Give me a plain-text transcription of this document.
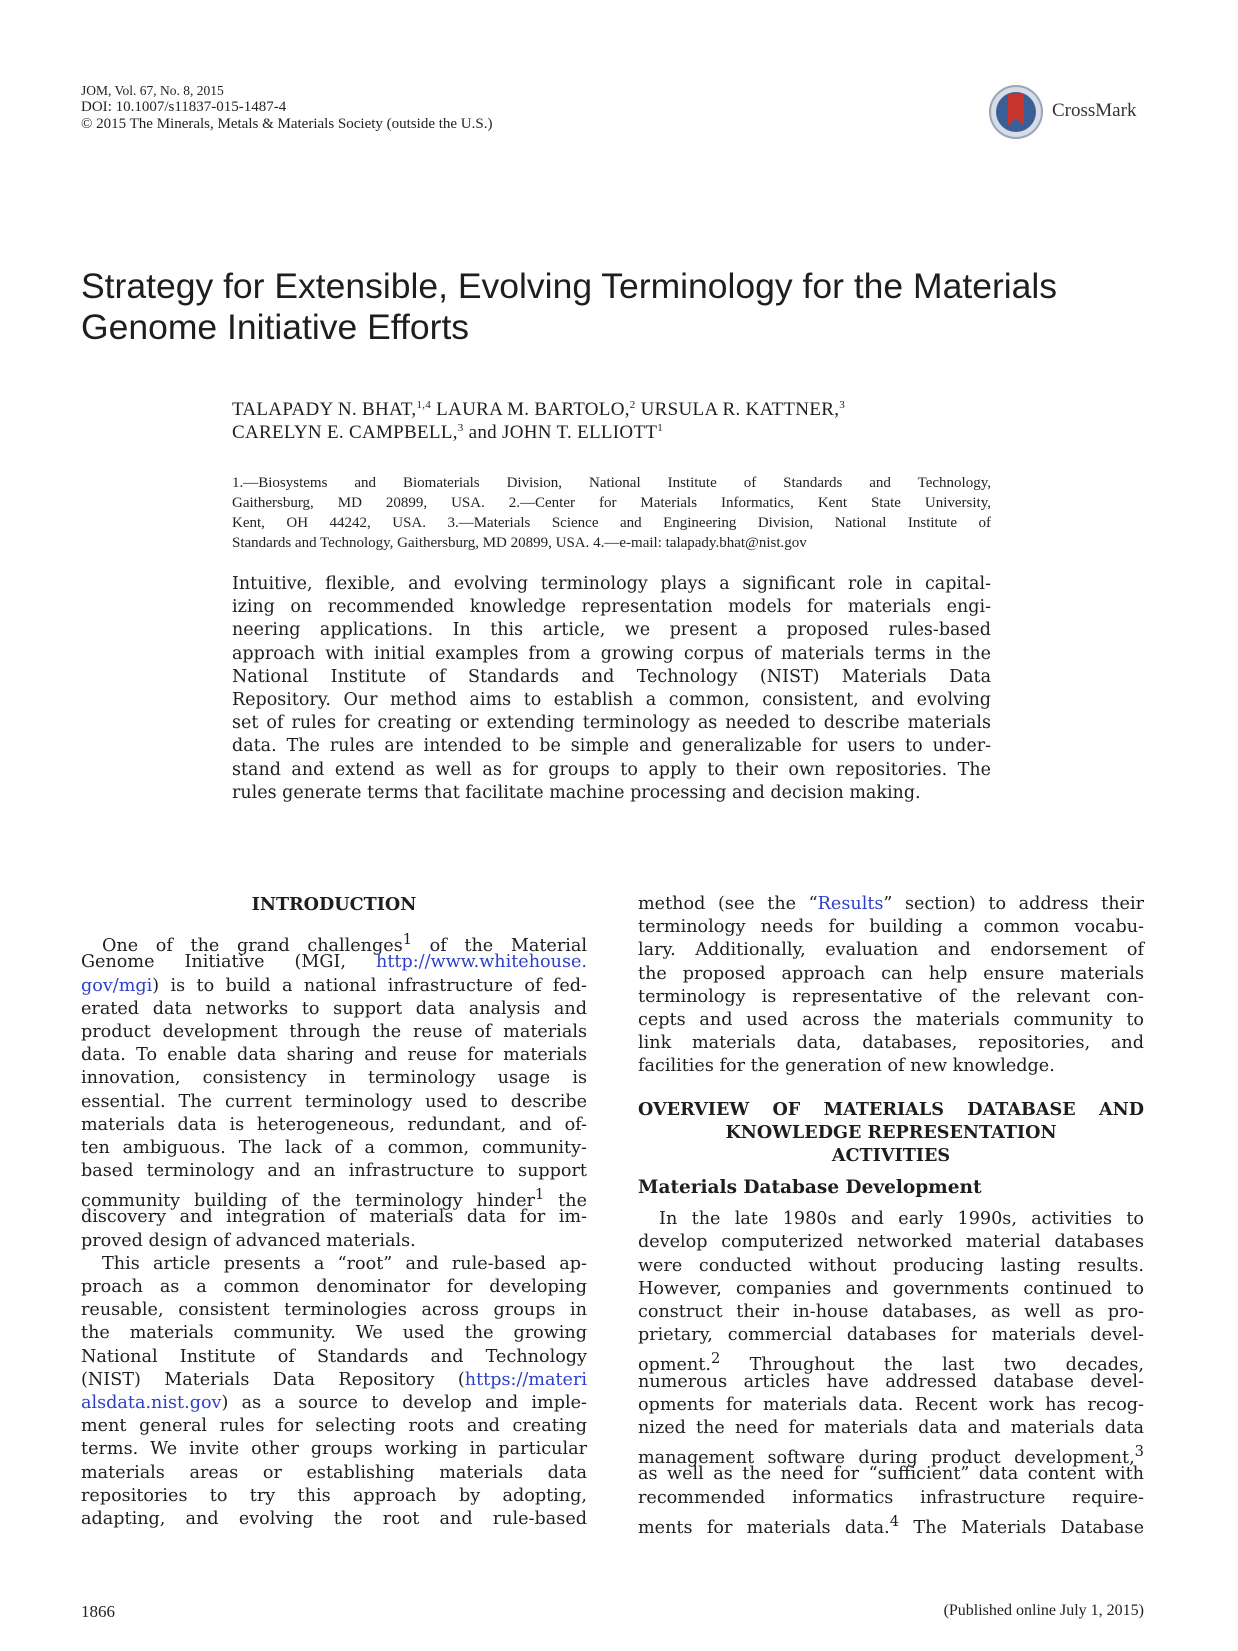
JOM, Vol. 67, No. 8, 2015
DOI: 10.1007/s11837-015-1487-4
© 2015 The Minerals, Metals & Materials Society (outside the U.S.)
CrossMark
Strategy for Extensible, Evolving Terminology for the Materials
Genome Initiative Efforts
TALAPADY N. BHAT,$^{1,4}$ LAURA M. BARTOLO,$^2$ URSULA R. KATTNER,$^3$
CARELYN E. CAMPBELL,$^3$ and JOHN T. ELLIOTT$^1$
1.—Biosystems and Biomaterials Division, National Institute of Standards and Technology,
Gaithersburg, MD 20899, USA. 2.—Center for Materials Informatics, Kent State University,
Kent, OH 44242, USA. 3.—Materials Science and Engineering Division, National Institute of
Standards and Technology, Gaithersburg, MD 20899, USA. 4.—e-mail: talapady.bhat@nist.gov
Intuitive, flexible, and evolving terminology plays a significant role in capital-
izing on recommended knowledge representation models for materials engi-
neering applications. In this article, we present a proposed rules-based
approach with initial examples from a growing corpus of materials terms in the
National Institute of Standards and Technology (NIST) Materials Data
Repository. Our method aims to establish a common, consistent, and evolving
set of rules for creating or extending terminology as needed to describe materials
data. The rules are intended to be simple and generalizable for users to under-
stand and extend as well as for groups to apply to their own repositories. The
rules generate terms that facilitate machine processing and decision making.
INTRODUCTION
One of the grand challenges$^1$ of the Material
Genome Initiative (MGI, http://www.whitehouse.
gov/mgi) is to build a national infrastructure of fed-
erated data networks to support data analysis and
product development through the reuse of materials
data. To enable data sharing and reuse for materials
innovation, consistency in terminology usage is
essential. The current terminology used to describe
materials data is heterogeneous, redundant, and of-
ten ambiguous. The lack of a common, community-
based terminology and an infrastructure to support
community building of the terminology hinder$^1$ the
discovery and integration of materials data for im-
proved design of advanced materials.
This article presents a “root” and rule-based ap-
proach as a common denominator for developing
reusable, consistent terminologies across groups in
the materials community. We used the growing
National Institute of Standards and Technology
(NIST) Materials Data Repository (https://materi
alsdata.nist.gov) as a source to develop and imple-
ment general rules for selecting roots and creating
terms. We invite other groups working in particular
materials areas or establishing materials data
repositories to try this approach by adopting,
adapting, and evolving the root and rule-based
method (see the “Results” section) to address their
terminology needs for building a common vocabu-
lary. Additionally, evaluation and endorsement of
the proposed approach can help ensure materials
terminology is representative of the relevant con-
cepts and used across the materials community to
link materials data, databases, repositories, and
facilities for the generation of new knowledge.
OVERVIEW OF MATERIALS DATABASE AND
KNOWLEDGE REPRESENTATION
ACTIVITIES
Materials Database Development
In the late 1980s and early 1990s, activities to
develop computerized networked material databases
were conducted without producing lasting results.
However, companies and governments continued to
construct their in-house databases, as well as pro-
prietary, commercial databases for materials devel-
opment.$^2$ Throughout the last two decades,
numerous articles have addressed database devel-
opments for materials data. Recent work has recog-
nized the need for materials data and materials data
management software during product development,$^3$
as well as the need for “sufficient” data content with
recommended informatics infrastructure require-
ments for materials data.$^4$ The Materials Database
1866	(Published online July 1, 2015)
